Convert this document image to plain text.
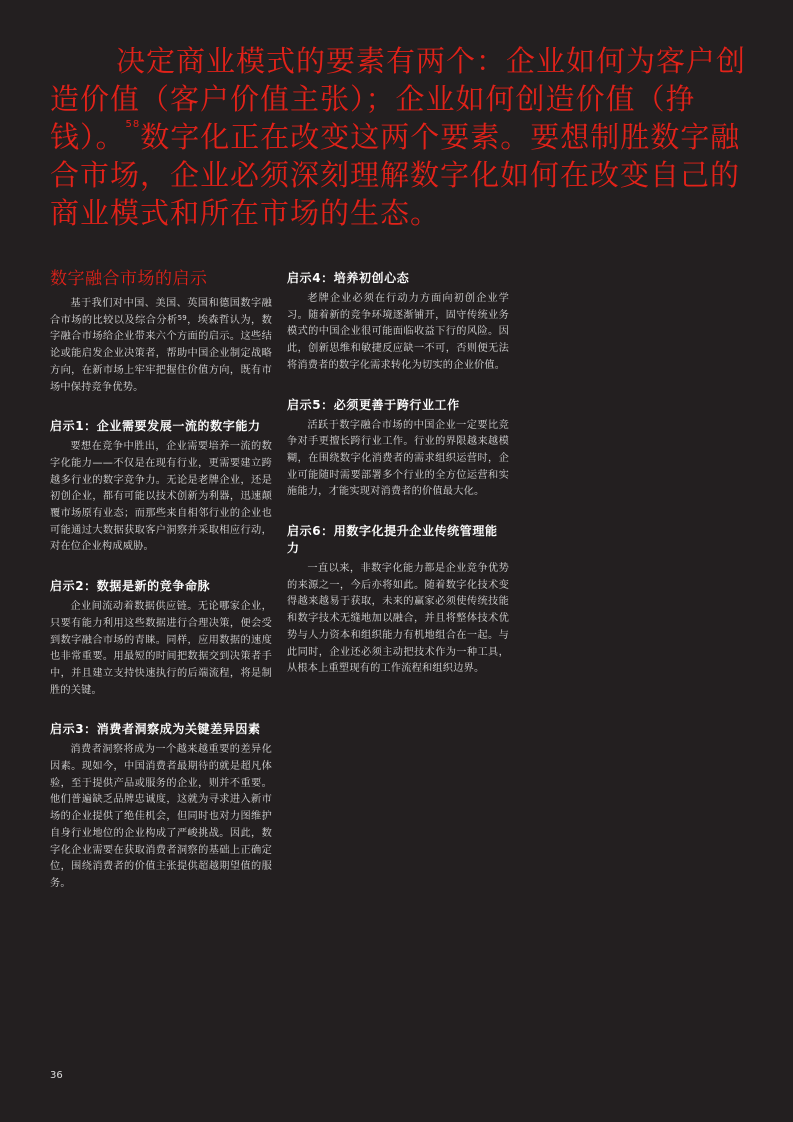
决定商业模式的要素有两个：企业如何为客户创造价值（客户价值主张）；企业如何创造价值（挣钱）。$^{58}$数字化正在改变这两个要素。要想制胜数字融合市场，企业必须深刻理解数字化如何在改变自己的商业模式和所在市场的生态。

数字融合市场的启示

基于我们对中国、美国、英国和德国数字融合市场的比较以及综合分析$^{59}$，埃森哲认为，数字融合市场给企业带来六个方面的启示。这些结论或能启发企业决策者，帮助中国企业制定战略方向，在新市场上牢牢把握住价值方向，既有市场中保持竞争优势。

启示1：企业需要发展一流的数字能力

要想在竞争中胜出，企业需要培养一流的数字化能力——不仅是在现有行业，更需要建立跨越多行业的数字竞争力。无论是老牌企业，还是初创企业，都有可能以技术创新为利器，迅速颠覆市场原有业态；而那些来自相邻行业的企业也可能通过大数据获取客户洞察并采取相应行动，对在位企业构成威胁。

启示2：数据是新的竞争命脉

企业间流动着数据供应链。无论哪家企业，只要有能力利用这些数据进行合理决策，便会受到数字融合市场的青睐。同样，应用数据的速度也非常重要。用最短的时间把数据交到决策者手中，并且建立支持快速执行的后端流程，将是制胜的关键。

启示3：消费者洞察成为关键差异因素

消费者洞察将成为一个越来越重要的差异化因素。现如今，中国消费者最期待的就是超凡体验，至于提供产品或服务的企业，则并不重要。他们普遍缺乏品牌忠诚度，这就为寻求进入新市场的企业提供了绝佳机会，但同时也对力图维护自身行业地位的企业构成了严峻挑战。因此，数字化企业需要在获取消费者洞察的基础上正确定位，围绕消费者的价值主张提供超越期望值的服务。

启示4：培养初创心态

老牌企业必须在行动力方面向初创企业学习。随着新的竞争环境逐渐铺开，固守传统业务模式的中国企业很可能面临收益下行的风险。因此，创新思维和敏捷反应缺一不可，否则便无法将消费者的数字化需求转化为切实的企业价值。

启示5：必须更善于跨行业工作

活跃于数字融合市场的中国企业一定要比竞争对手更擅长跨行业工作。行业的界限越来越模糊，在围绕数字化消费者的需求组织运营时，企业可能随时需要部署多个行业的全方位运营和实施能力，才能实现对消费者的价值最大化。

启示6：用数字化提升企业传统管理能力

一直以来，非数字化能力都是企业竞争优势的来源之一，今后亦将如此。随着数字化技术变得越来越易于获取，未来的赢家必须使传统技能和数字技术无缝地加以融合，并且将整体技术优势与人力资本和组织能力有机地组合在一起。与此同时，企业还必须主动把技术作为一种工具，从根本上重塑现有的工作流程和组织边界。

36
